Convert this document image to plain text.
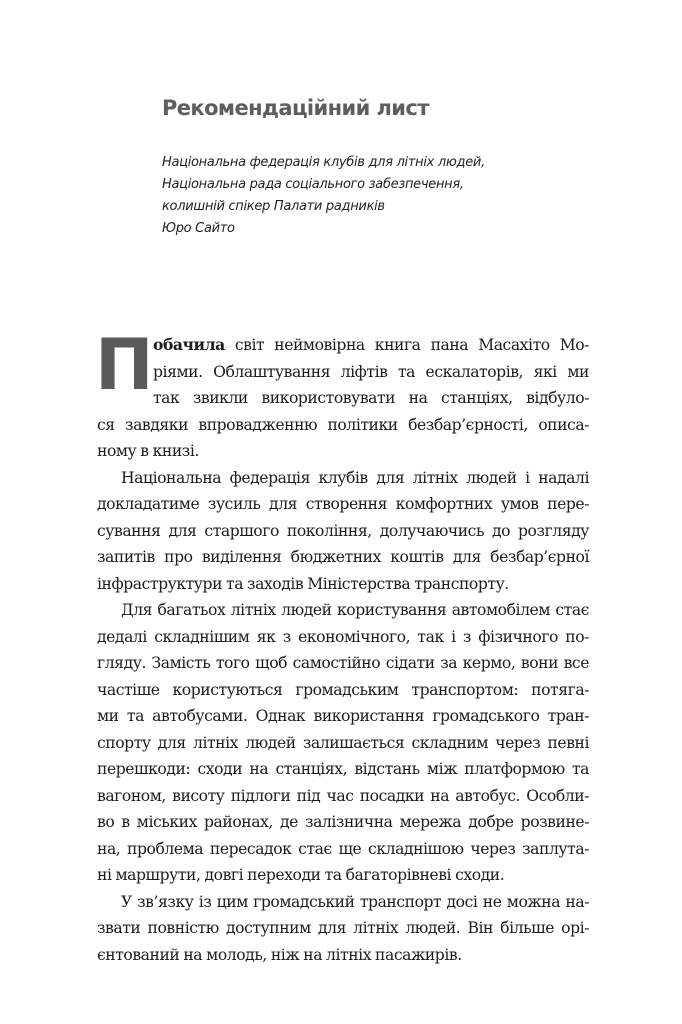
Рекомендаційний лист
Національна федерація клубів для літніх людей,
Національна рада соціального забезпечення,
колишній спікер Палати радників
Юро Сайто
П обачила світ неймовірна книга пана Масахіто Мо-
ріями. Облаштування ліфтів та ескалаторів, які ми
так звикли використовувати на станціях, відбуло-
ся завдяки впровадженню політики безбар’єрності, описа-
ному в книзі.
Національна федерація клубів для літніх людей і надалі
докладатиме зусиль для створення комфортних умов пере-
сування для старшого покоління, долучаючись до розгляду
запитів про виділення бюджетних коштів для безбар’єрної
інфраструктури та заходів Міністерства транспорту.
Для багатьох літніх людей користування автомобілем стає
дедалі складнішим як з економічного, так і з фізичного по-
гляду. Замість того щоб самостійно сідати за кермо, вони все
частіше користуються громадським транспортом: потяга-
ми та автобусами. Однак використання громадського тран-
спорту для літніх людей залишається складним через певні
перешкоди: сходи на станціях, відстань між платформою та
вагоном, висоту підлоги під час посадки на автобус. Особли-
во в міських районах, де залізнична мережа добре розвине-
на, проблема пересадок стає ще складнішою через заплута-
ні маршрути, довгі переходи та багаторівневі сходи.
У зв’язку із цим громадський транспорт досі не можна на-
звати повністю доступним для літніх людей. Він більше орі-
єнтований на молодь, ніж на літніх пасажирів.
